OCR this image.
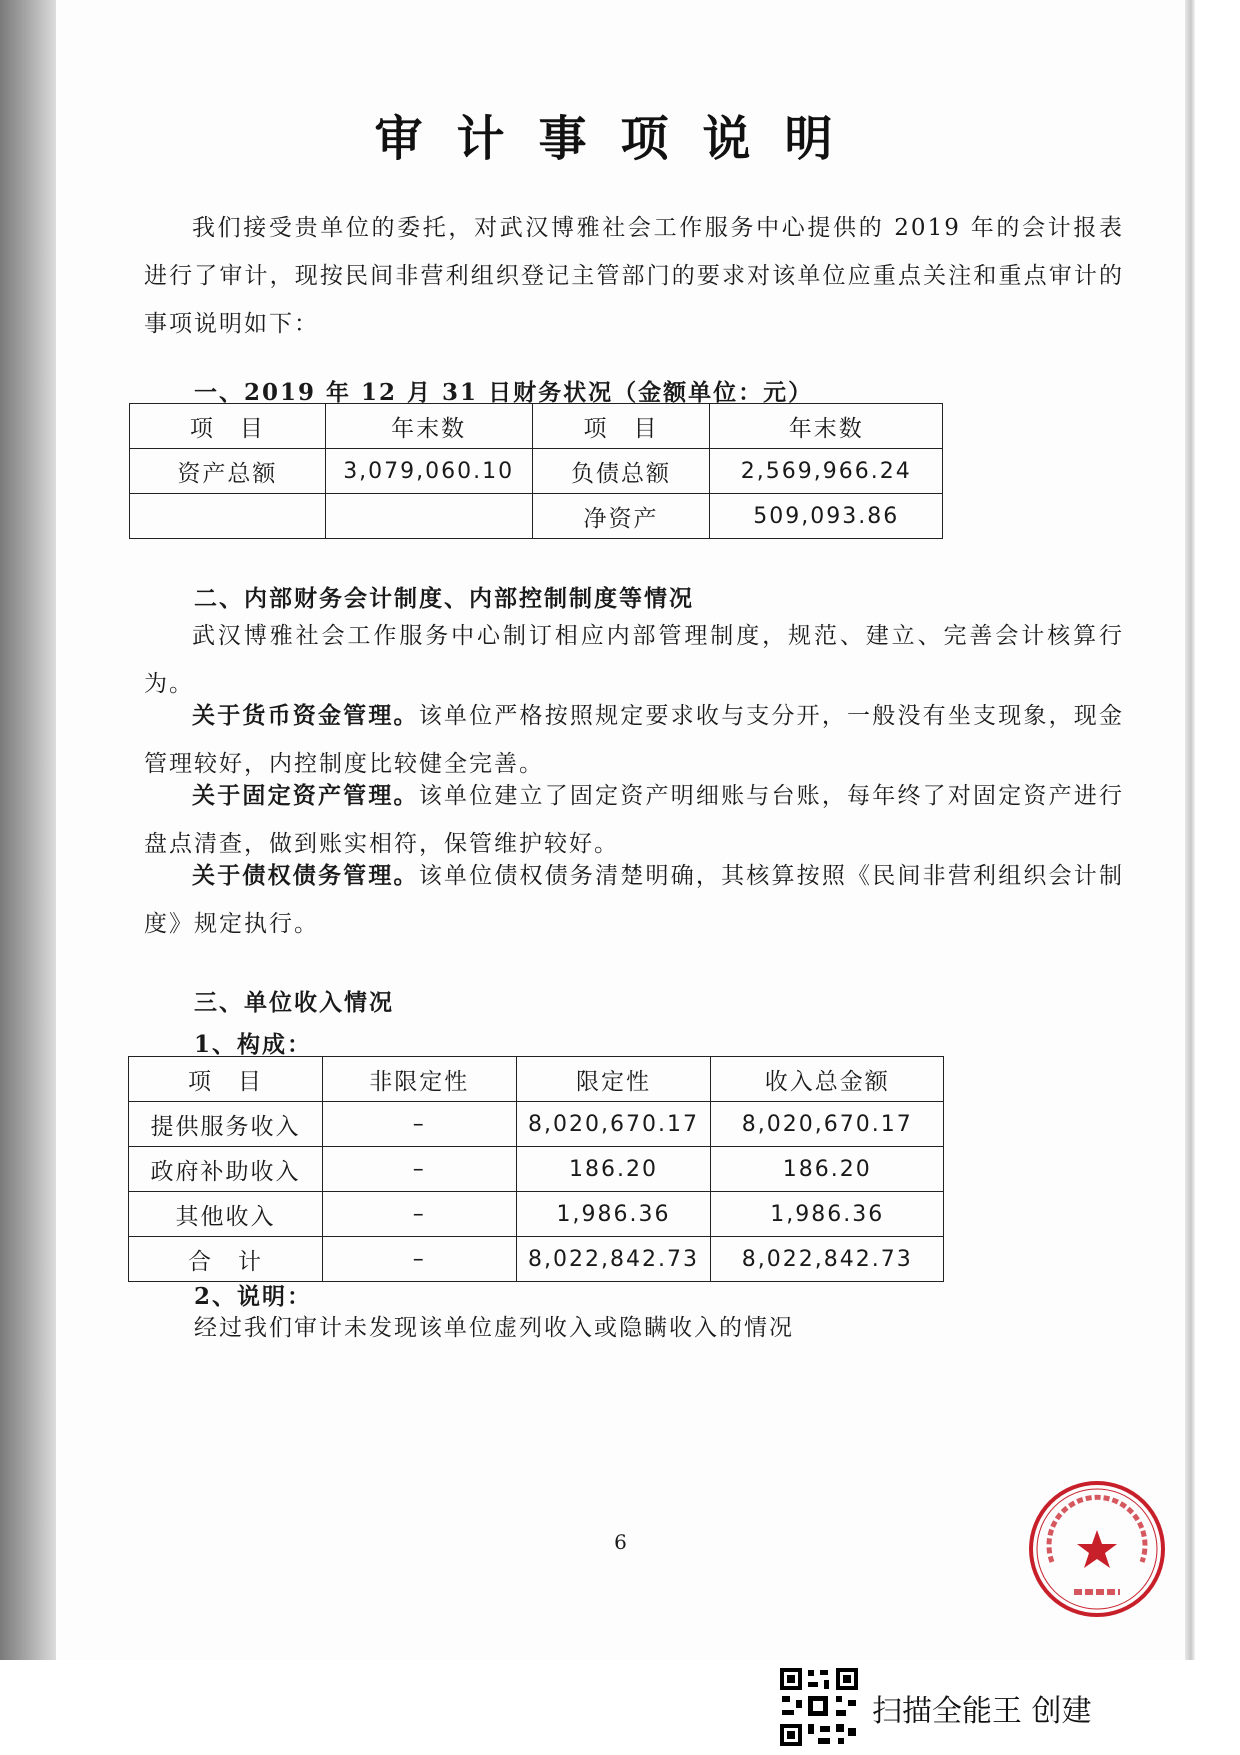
审计事项说明
我们接受贵单位的委托，对武汉博雅社会工作服务中心提供的 2019 年的会计报表进行了审计，现按民间非营利组织登记主管部门的要求对该单位应重点关注和重点审计的事项说明如下：
一、2019 年 12 月 31 日财务状况（金额单位：元）
项　目	年末数	项　目	年末数
资产总额	3,079,060.10	负债总额	2,569,966.24
		净资产	509,093.86
二、内部财务会计制度、内部控制制度等情况
武汉博雅社会工作服务中心制订相应内部管理制度，规范、建立、完善会计核算行为。
关于货币资金管理。该单位严格按照规定要求收与支分开，一般没有坐支现象，现金管理较好，内控制度比较健全完善。
关于固定资产管理。该单位建立了固定资产明细账与台账，每年终了对固定资产进行盘点清查，做到账实相符，保管维护较好。
关于债权债务管理。该单位债权债务清楚明确，其核算按照《民间非营利组织会计制度》规定执行。
三、单位收入情况
1、构成：
项　目	非限定性	限定性	收入总金额
提供服务收入	–	8,020,670.17	8,020,670.17
政府补助收入	–	186.20	186.20
其他收入	–	1,986.36	1,986.36
合　计	–	8,022,842.73	8,022,842.73
2、说明：
经过我们审计未发现该单位虚列收入或隐瞒收入的情况
6
扫描全能王 创建
